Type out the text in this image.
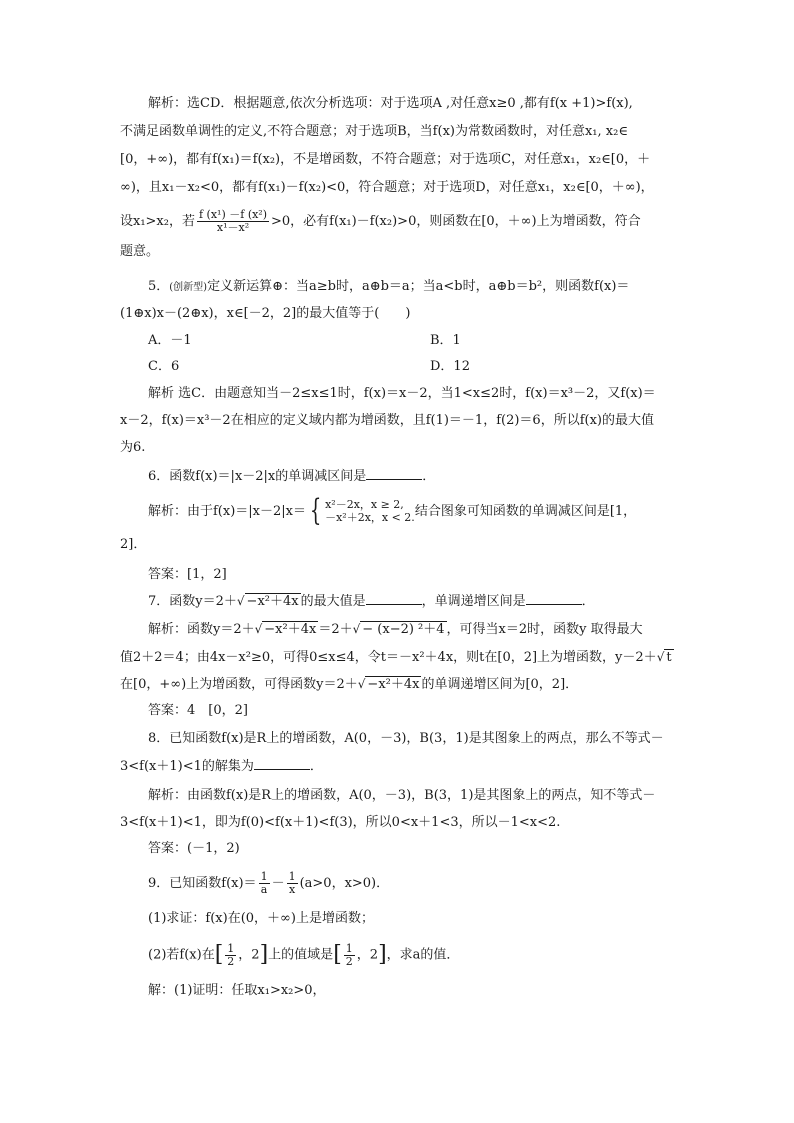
解析：选CD．根据题意,依次分析选项：对于选项A ,对任意x≥0 ,都有f(x +1)>f(x),
不满足函数单调性的定义,不符合题意；对于选项B，当f(x)为常数函数时，对任意x₁, x₂∈
[0，+∞)，都有f(x₁)＝f(x₂)，不是增函数，不符合题意；对于选项C，对任意x₁，x₂∈[0，＋
∞)，且x₁－x₂<0，都有f(x₁)－f(x₂)<0，符合题意；对于选项D，对任意x₁，x₂∈[0，＋∞)，
设x₁>x₂，若 $\frac{\text{f (x¹) －f (x²)}}{\text{x¹－x²}} >0$，必有f(x₁)－f(x₂)>0，则函数在[0，＋∞)上为增函数，符合
题意。
5．(创新型)定义新运算⊕：当a≥b时，a⊕b＝a；当a<b时，a⊕b＝b²，则函数f(x)＝
(1⊕x)x－(2⊕x)，x∈[－2，2]的最大值等于(　　)
A．－1	B．1
C．6	D．12
解析 选C．由题意知当－2≤x≤1时，f(x)＝x－2，当1<x≤2时，f(x)＝x³－2，又f(x)＝
x－2，f(x)＝x³－2在相应的定义域内都为增函数，且f(1)＝－1，f(2)＝6，所以f(x)的最大值
为6.
6．函数f(x)＝|x－2|x的单调减区间是	．
解析：由于f(x)＝|x－2|x＝ { x²－2x，x ≥ 2,
－x²＋2x，x < 2. 结合图象可知函数的单调减区间是[1，
2]．
答案：[1，2]
7．函数y＝2＋√ −x²＋4x 的最大值是	，单调递增区间是	．
解析：函数y＝2＋√ −x²＋4x ＝2＋√ − (x−2) ²＋4 ，可得当x＝2时，函数y 取得最大
值2＋2＝4；由4x－x²≥0，可得0≤x≤4，令t＝－x²＋4x，则t在[0，2]上为增函数，y－2＋√ t
在[0，+∞)上为增函数，可得函数y＝2＋√ −x²＋4x 的单调递增区间为[0，2]．
答案：4　[0，2]
8．已知函数f(x)是R上的增函数，A(0，－3)，B(3，1)是其图象上的两点，那么不等式－
3<f(x＋1)<1的解集为	．
解析：由函数f(x)是R上的增函数，A(0，－3)，B(3，1)是其图象上的两点，知不等式－
3<f(x＋1)<1，即为f(0)<f(x＋1)<f(3)，所以0<x＋1<3，所以－1<x<2.
答案：(－1，2)
9．已知函数$f(x)= \frac{1}{a} - \frac{1}{x} (a>0$，x>0)．
(1)求证：f(x)在(0，＋∞)上是增函数；
(2)若f(x)在[ $\frac{1}{2}$ ，2]上的值域是[ $\frac{1}{2}$ ，2]，求a的值．
解：(1)证明：任取x₁>x₂>0，
